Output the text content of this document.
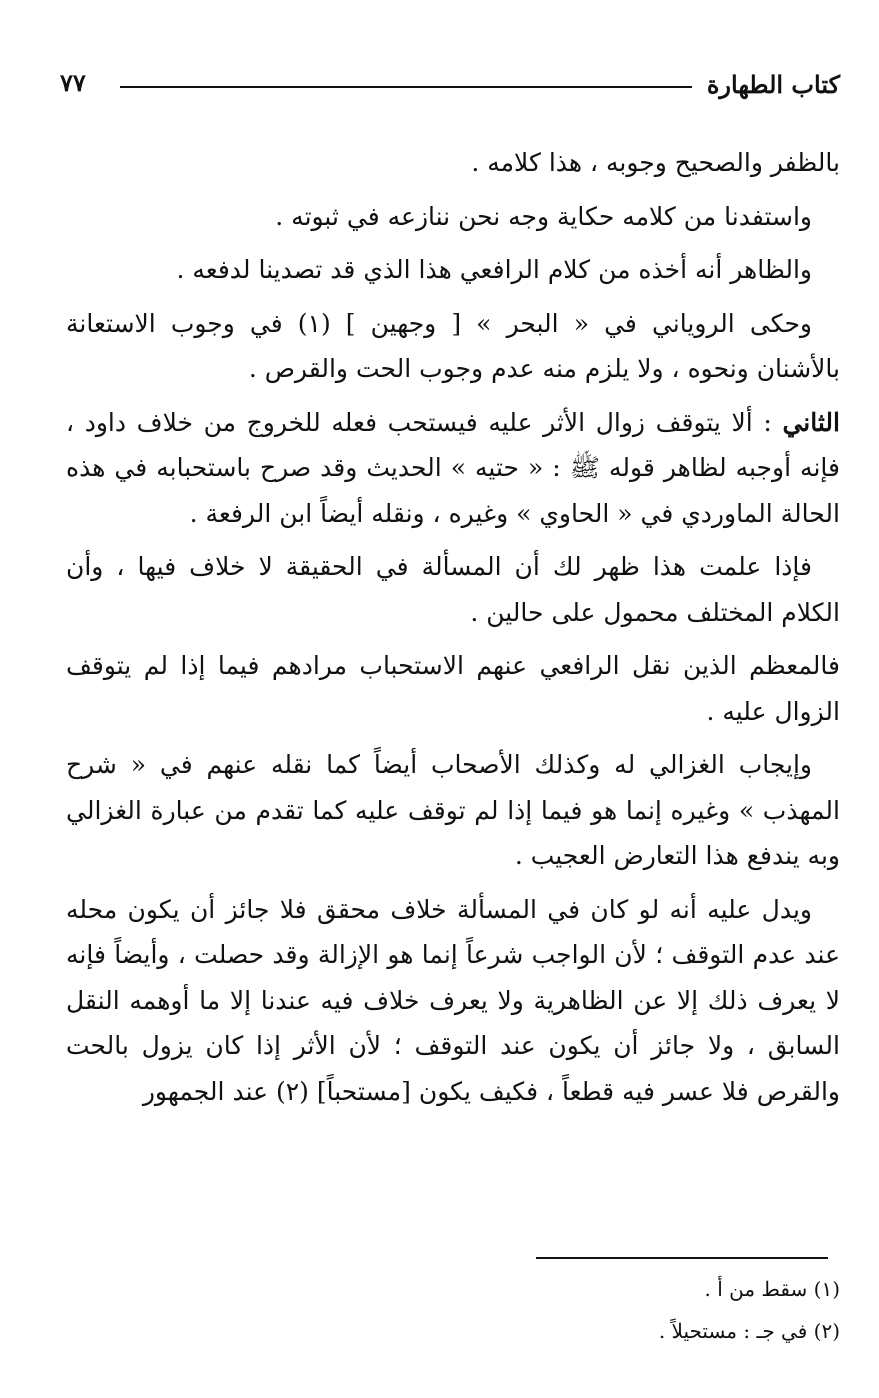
كتاب الطهارة
٧٧

بالظفر والصحيح وجوبه ، هذا كلامه .

واستفدنا من كلامه حكاية وجه نحن ننازعه في ثبوته .

والظاهر أنه أخذه من كلام الرافعي هذا الذي قد تصدينا لدفعه .

وحكى الروياني في « البحر » [ وجهين ] (١) في وجوب الاستعانة بالأشنان ونحوه ، ولا يلزم منه عدم وجوب الحت والقرص .

الثاني : ألا يتوقف زوال الأثر عليه فيستحب فعله للخروج من خلاف داود ، فإنه أوجبه لظاهر قوله ﷺ : « حتيه » الحديث وقد صرح باستحبابه في هذه الحالة الماوردي في « الحاوي » وغيره ، ونقله أيضاً ابن الرفعة .

فإذا علمت هذا ظهر لك أن المسألة في الحقيقة لا خلاف فيها ، وأن الكلام المختلف محمول على حالين .

فالمعظم الذين نقل الرافعي عنهم الاستحباب مرادهم فيما إذا لم يتوقف الزوال عليه .

وإيجاب الغزالي له وكذلك الأصحاب أيضاً كما نقله عنهم في « شرح المهذب » وغيره إنما هو فيما إذا لم توقف عليه كما تقدم من عبارة الغزالي وبه يندفع هذا التعارض العجيب .

ويدل عليه أنه لو كان في المسألة خلاف محقق فلا جائز أن يكون محله عند عدم التوقف ؛ لأن الواجب شرعاً إنما هو الإزالة وقد حصلت ، وأيضاً فإنه لا يعرف ذلك إلا عن الظاهرية ولا يعرف خلاف فيه عندنا إلا ما أوهمه النقل السابق ، ولا جائز أن يكون عند التوقف ؛ لأن الأثر إذا كان يزول بالحت والقرص فلا عسر فيه قطعاً ، فكيف يكون [مستحباً] (٢) عند الجمهور

(١) سقط من أ .

(٢) في جـ : مستحيلاً .
